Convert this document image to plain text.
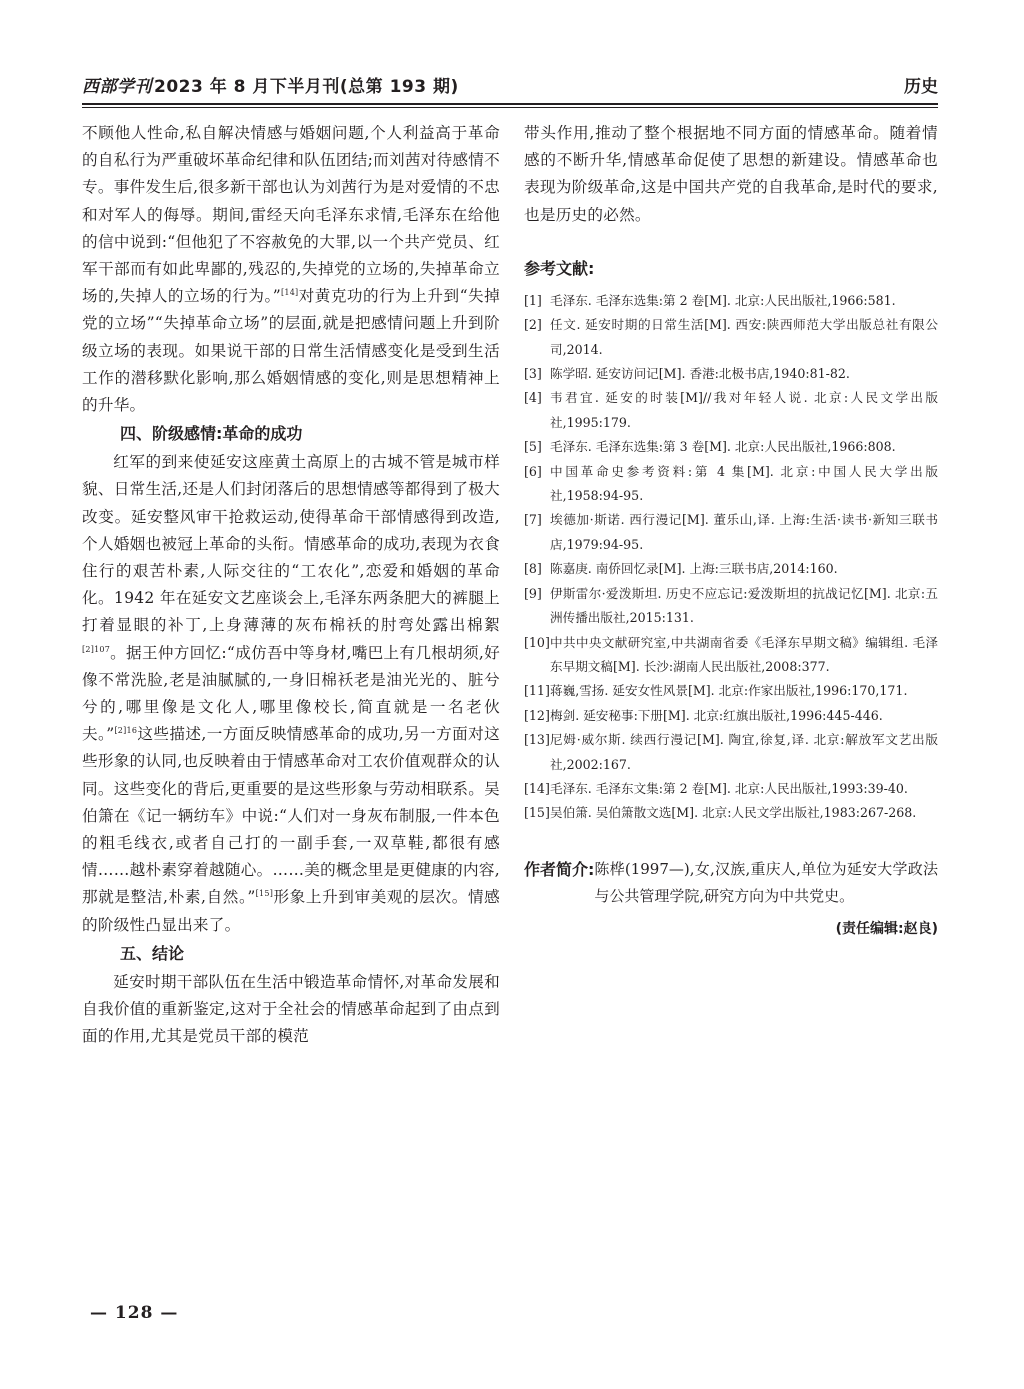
西部学刊 2023 年 8 月下半月刊(总第 193 期)	历史

不顾他人性命,私自解决情感与婚姻问题,个人利益高于革命的自私行为严重破坏革命纪律和队伍团结;而刘茜对待感情不专。事件发生后,很多新干部也认为刘茜行为是对爱情的不忠和对军人的侮辱。期间,雷经天向毛泽东求情,毛泽东在给他的信中说到:“但他犯了不容赦免的大罪,以一个共产党员、红军干部而有如此卑鄙的,残忍的,失掉党的立场的,失掉革命立场的,失掉人的立场的行为。”[14]对黄克功的行为上升到“失掉党的立场”“失掉革命立场”的层面,就是把感情问题上升到阶级立场的表现。如果说干部的日常生活情感变化是受到生活工作的潜移默化影响,那么婚姻情感的变化,则是思想精神上的升华。

四、阶级感情:革命的成功

红军的到来使延安这座黄土高原上的古城不管是城市样貌、日常生活,还是人们封闭落后的思想情感等都得到了极大改变。延安整风审干抢救运动,使得革命干部情感得到改造,个人婚姻也被冠上革命的头衔。情感革命的成功,表现为衣食住行的艰苦朴素,人际交往的“工农化”,恋爱和婚姻的革命化。1942 年在延安文艺座谈会上,毛泽东两条肥大的裤腿上打着显眼的补丁,上身薄薄的灰布棉袄的肘弯处露出棉絮$^{[2]107}$。据王仲方回忆:“成仿吾中等身材,嘴巴上有几根胡须,好像不常洗脸,老是油腻腻的,一身旧棉袄老是油光光的、脏兮兮的,哪里像是文化人,哪里像校长,简直就是一名老伙夫。”$^{[2]16}$这些描述,一方面反映情感革命的成功,另一方面对这些形象的认同,也反映着由于情感革命对工农价值观群众的认同。这些变化的背后,更重要的是这些形象与劳动相联系。吴伯箫在《记一辆纺车》中说:“人们对一身灰布制服,一件本色的粗毛线衣,或者自己打的一副手套,一双草鞋,都很有感情……越朴素穿着越随心。……美的概念里是更健康的内容,那就是整洁,朴素,自然。”[15]形象上升到审美观的层次。情感的阶级性凸显出来了。

五、结论

延安时期干部队伍在生活中锻造革命情怀,对革命发展和自我价值的重新鉴定,这对于全社会的情感革命起到了由点到面的作用,尤其是党员干部的模范

带头作用,推动了整个根据地不同方面的情感革命。随着情感的不断升华,情感革命促使了思想的新建设。情感革命也表现为阶级革命,这是中国共产党的自我革命,是时代的要求,也是历史的必然。

参考文献:
[1] 毛泽东. 毛泽东选集:第 2 卷[M]. 北京:人民出版社,1966:581.
[2] 任文. 延安时期的日常生活[M]. 西安:陕西师范大学出版总社有限公司,2014.
[3] 陈学昭. 延安访问记[M]. 香港:北极书店,1940:81-82.
[4] 韦君宜. 延安的时装[M]//我对年轻人说. 北京:人民文学出版社,1995:179.
[5] 毛泽东. 毛泽东选集:第 3 卷[M]. 北京:人民出版社,1966:808.
[6] 中国革命史参考资料:第 4 集[M]. 北京:中国人民大学出版社,1958:94-95.
[7] 埃德加·斯诺. 西行漫记[M]. 董乐山,译. 上海:生活·读书·新知三联书店,1979:94-95.
[8] 陈嘉庚. 南侨回忆录[M]. 上海:三联书店,2014:160.
[9] 伊斯雷尔·爱泼斯坦. 历史不应忘记:爱泼斯坦的抗战记忆[M]. 北京:五洲传播出版社,2015:131.
[10] 中共中央文献研究室,中共湖南省委《毛泽东早期文稿》编辑组. 毛泽东早期文稿[M]. 长沙:湖南人民出版社,2008:377.
[11] 蒋巍,雪扬. 延安女性风景[M]. 北京:作家出版社,1996:170,171.
[12] 梅剑. 延安秘事:下册[M]. 北京:红旗出版社,1996:445-446.
[13] 尼姆·威尔斯. 续西行漫记[M]. 陶宜,徐复,译. 北京:解放军文艺出版社,2002:167.
[14] 毛泽东. 毛泽东文集:第 2 卷[M]. 北京:人民出版社,1993:39-40.
[15] 吴伯箫. 吴伯箫散文选[M]. 北京:人民文学出版社,1983:267-268.
作者简介: 陈桦(1997—),女,汉族,重庆人,单位为延安大学政法与公共管理学院,研究方向为中共党史。
(责任编辑:赵良)
— 128 —
